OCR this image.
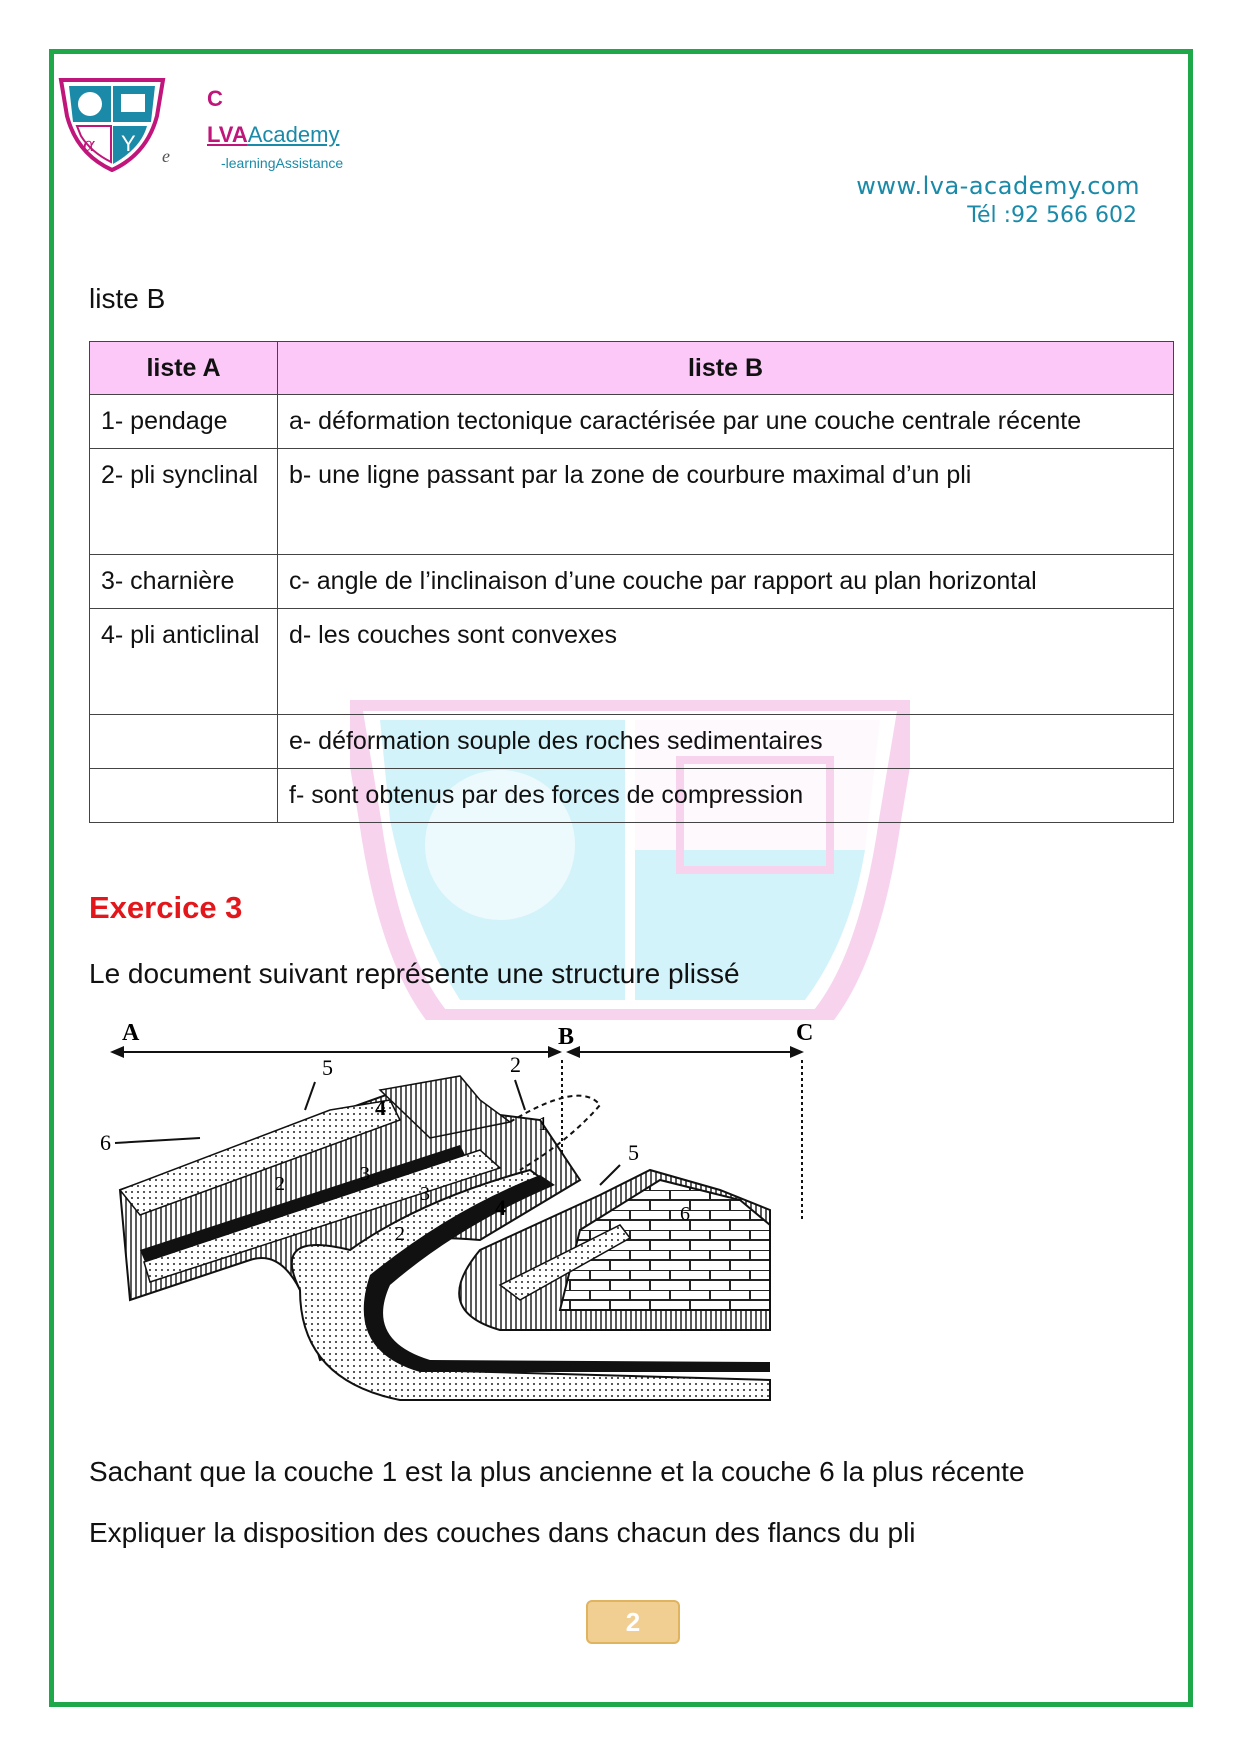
α Y
C
LVAAcademy
e	-learningAssistance
www.lva-academy.com
Tél :92 566 602
liste B
liste A	liste B
1- pendage	a- déformation tectonique caractérisée par une couche centrale récente
2- pli synclinal	b- une ligne passant par la zone de courbure maximal d’un pli
3- charnière	c- angle de l’inclinaison d’une couche par rapport au plan horizontal
4- pli anticlinal	d- les couches sont convexes
	e- déformation souple des roches sedimentaires
	f- sont obtenus par des forces de compression
Exercice 3
Le document suivant représente une structure plissé
A	B	C
2
1
4
5
6
2	3
3
2
4
5
6
Sachant que la couche 1 est la plus ancienne et la couche 6 la plus récente
Expliquer la disposition des couches dans chacun des flancs du pli
2
